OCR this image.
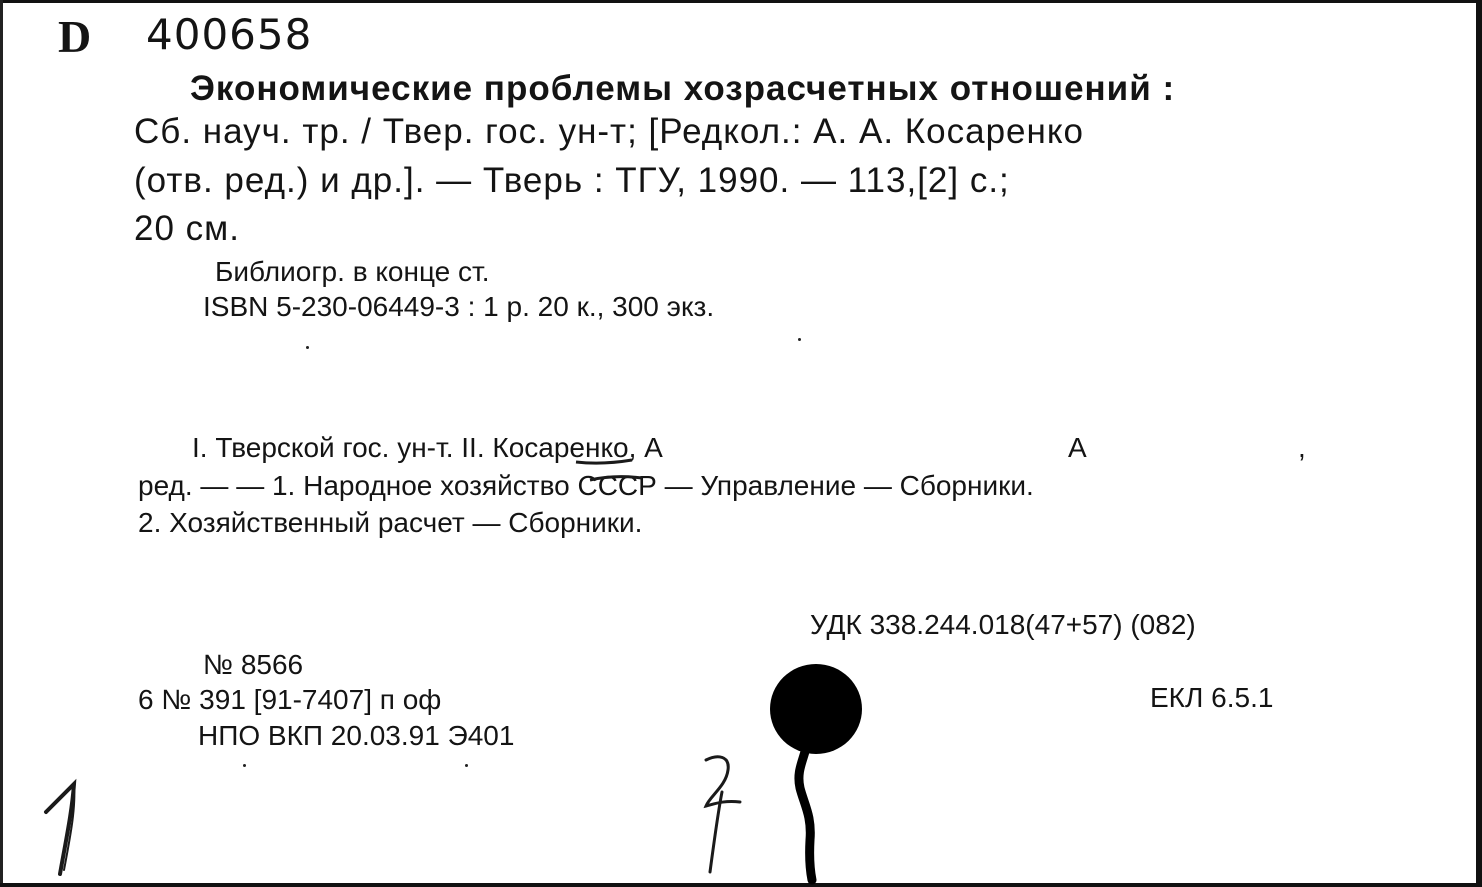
D 400658
Экономические проблемы хозрасчетных отношений :
Сб. науч. тр. / Твер. гос. ун-т; [Редкол.: А. А. Косаренко
(отв. ред.) и др.]. — Тверь : ТГУ, 1990. — 113,[2] с.;
20 см.
Библиогр. в конце ст.
ISBN 5-230-06449-3 : 1 р. 20 к., 300 экз.
I. Тверской гос. ун-т. II. Косаренко, А	А	,
ред. — — 1. Народное хозяйство СССР — Управление — Сборники.
2. Хозяйственный расчет — Сборники.
УДК 338.244.018(47+57) (082)
№ 8566
6 № 391 [91-7407] п оф
НПО ВКП 20.03.91 Э401
ЕКЛ 6.5.1
